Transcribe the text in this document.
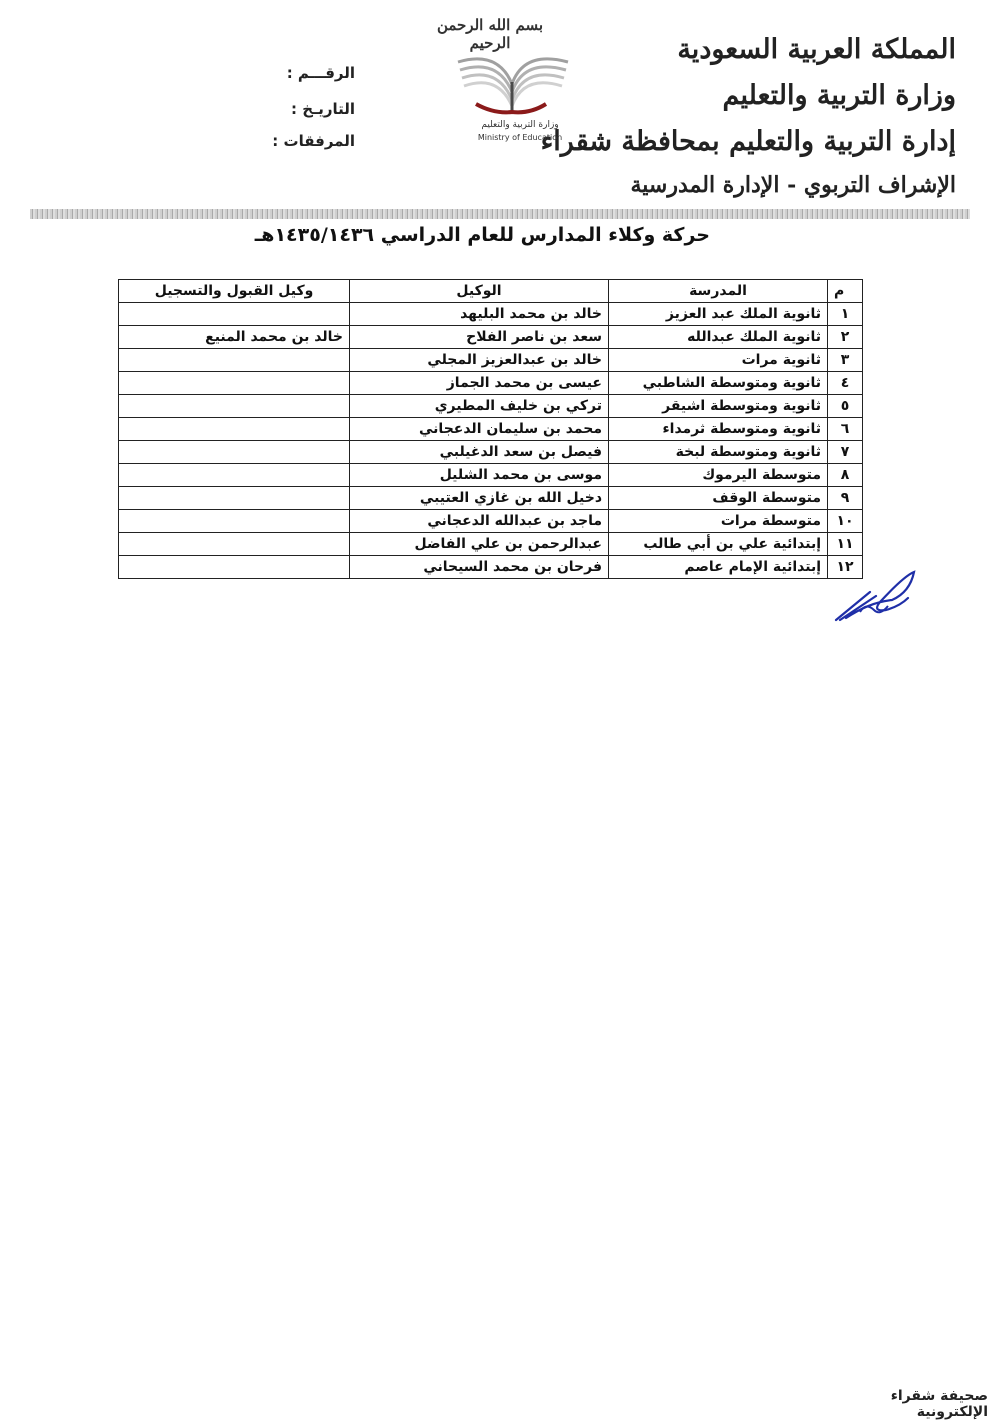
المملكة العربية السعودية
وزارة التربية والتعليم
إدارة التربية والتعليم بمحافظة شقراء
الإشراف التربوي - الإدارة المدرسية
بسم الله الرحمن الرحيم
وزارة التربية والتعليم
Ministry of Education
الرقـــم :
التاريـخ :
المرفقات :
حركة وكلاء المدارس للعام الدراسي ١٤٣٥/١٤٣٦هـ
م	المدرسة	الوكيل	وكيل القبول والتسجيل
١	ثانوية الملك عبد العزيز	خالد بن محمد البليهد	
٢	ثانوية الملك عبدالله	سعد بن ناصر الفلاح	خالد بن محمد المنيع
٣	ثانوية مرات	خالد بن عبدالعزيز المجلي	
٤	ثانوية ومتوسطة الشاطبي	عيسى بن محمد الجماز	
٥	ثانوية ومتوسطة اشيقر	تركي بن خليف المطيري	
٦	ثانوية ومتوسطة ثرمداء	محمد بن سليمان الدعجاني	
٧	ثانوية ومتوسطة لبخة	فيصل بن سعد الدغيلبي	
٨	متوسطة اليرموك	موسى بن محمد الشليل	
٩	متوسطة الوقف	دخيل الله بن غازي العتيبي	
١٠	متوسطة مرات	ماجد بن عبدالله الدعجاني	
١١	إبتدائية علي بن أبي طالب	عبدالرحمن بن علي الفاضل	
١٢	إبتدائية الإمام عاصم	فرحان بن محمد السيحاني	
صحيفة شقراء الإلكترونية
